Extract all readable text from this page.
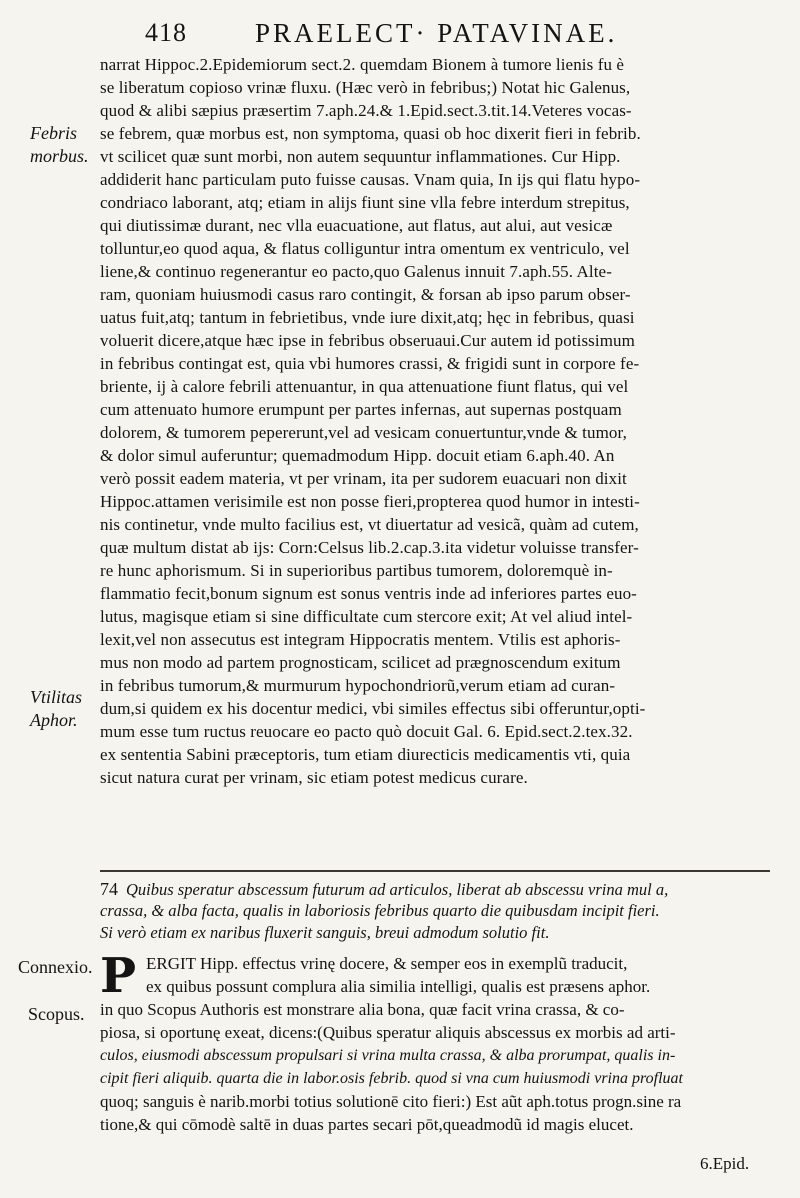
418	PRAELECT· PATAVINAE.
Febris
morbus.
Vtilitas
Aphor.
Connexio.
Scopus.
narrat Hippoc.2.Epidemiorum sect.2. quemdam Bionem à tumore lienis fu è
se liberatum copioso vrinæ fluxu. (Hæc verò in febribus;) Notat hic Galenus,
quod & alibi sæpius præsertim 7.aph.24.& 1.Epid.sect.3.tit.14.Veteres vocas-
se febrem, quæ morbus est, non symptoma, quasi ob hoc dixerit fieri in febrib.
vt scilicet quæ sunt morbi, non autem sequuntur inflammationes. Cur Hipp.
addiderit hanc particulam puto fuisse causas. Vnam quia, In ijs qui flatu hypo-
condriaco laborant, atq; etiam in alijs fiunt sine vlla febre interdum strepitus,
qui diutissimæ durant, nec vlla euacuatione, aut flatus, aut alui, aut vesicæ
tolluntur,eo quod aqua, & flatus colliguntur intra omentum ex ventriculo, vel
liene,& continuo regenerantur eo pacto,quo Galenus innuit 7.aph.55. Alte-
ram, quoniam huiusmodi casus raro contingit, & forsan ab ipso parum obser-
uatus fuit,atq; tantum in febrietibus, vnde iure dixit,atq; hęc in febribus, quasi
voluerit dicere,atque hæc ipse in febribus obseruaui.Cur autem id potissimum
in febribus contingat est, quia vbi humores crassi, & frigidi sunt in corpore fe-
briente, ij à calore febrili attenuantur, in qua attenuatione fiunt flatus, qui vel
cum attenuato humore erumpunt per partes infernas, aut supernas postquam
dolorem, & tumorem pepererunt,vel ad vesicam conuertuntur,vnde & tumor,
& dolor simul auferuntur; quemadmodum Hipp. docuit etiam 6.aph.40. An
verò possit eadem materia, vt per vrinam, ita per sudorem euacuari non dixit
Hippoc.attamen verisimile est non posse fieri,propterea quod humor in intesti-
nis continetur, vnde multo facilius est, vt diuertatur ad vesicã, quàm ad cutem,
quæ multum distat ab ijs: Corn:Celsus lib.2.cap.3.ita videtur voluisse transfer-
re hunc aphorismum. Si in superioribus partibus tumorem, doloremquè in-
flammatio fecit,bonum signum est sonus ventris inde ad inferiores partes euo-
lutus, magisque etiam si sine difficultate cum stercore exit; At vel aliud intel-
lexit,vel non assecutus est integram Hippocratis mentem. Vtilis est aphoris-
mus non modo ad partem prognosticam, scilicet ad prægnoscendum exitum
in febribus tumorum,& murmurum hypochondriorũ,verum etiam ad curan-
dum,si quidem ex his docentur medici, vbi similes effectus sibi offeruntur,opti-
mum esse tum ructus reuocare eo pacto quò docuit Gal. 6. Epid.sect.2.tex.32.
ex sententia Sabini præceptoris, tum etiam diurecticis medicamentis vti, quia
sicut natura curat per vrinam, sic etiam potest medicus curare.
74 Quibus speratur abscessum futurum ad articulos, liberat ab abscessu vrina mul a,
crassa, & alba facta, qualis in laboriosis febribus quarto die quibusdam incipit fieri.
Si verò etiam ex naribus fluxerit sanguis, breui admodum solutio fit.
P ERGIT Hipp. effectus vrinę docere, & semper eos in exemplũ traducit,
ex quibus possunt complura alia similia intelligi, qualis est præsens aphor.
in quo Scopus Authoris est monstrare alia bona, quæ facit vrina crassa, & co-
piosa, si oportunę exeat, dicens:(Quibus speratur aliquis abscessus ex morbis ad arti-
culos, eiusmodi abscessum propulsari si vrina multa crassa, & alba prorumpat, qualis in-
cipit fieri aliquib. quarta die in labor.osis febrib. quod si vna cum huiusmodi vrina profluat
quoq; sanguis è narib.morbi totius solutionē cito fieri:) Est aũt aph.totus progn.sine ra
tione,& qui cōmodè saltē in duas partes secari pōt,queadmodũ id magis elucet.
6.Epid.
